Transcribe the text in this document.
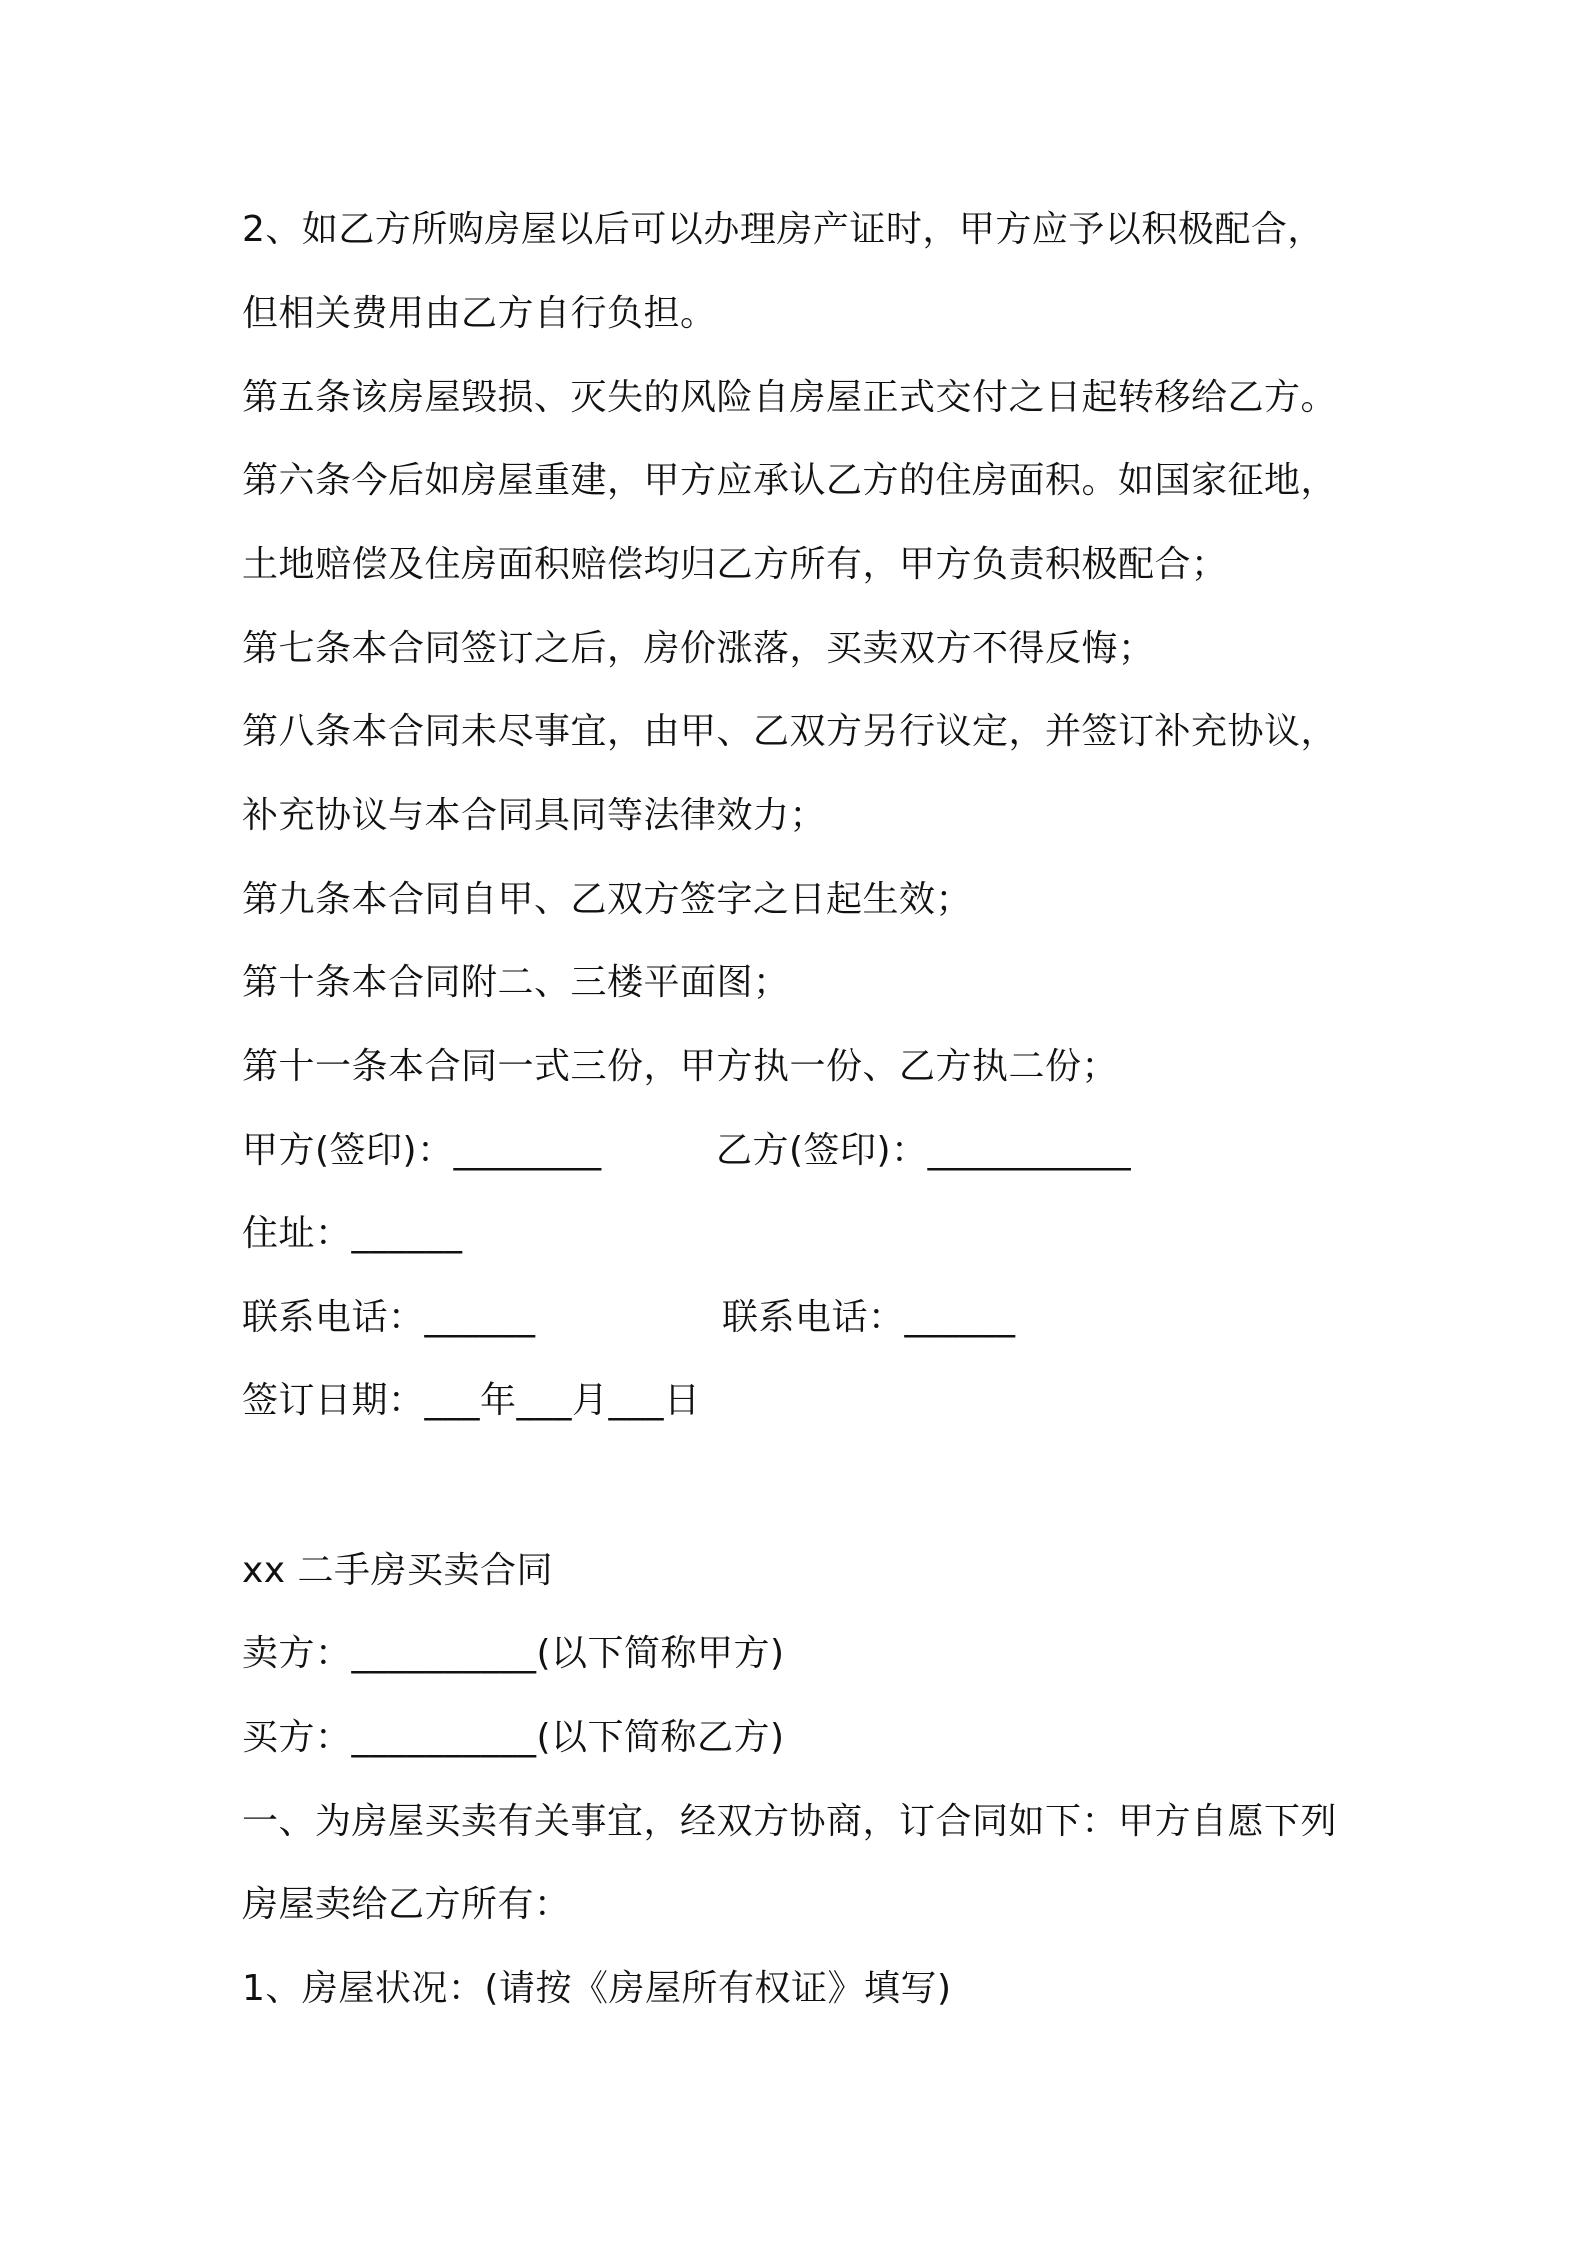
2、如乙方所购房屋以后可以办理房产证时，甲方应予以积极配合，
但相关费用由乙方自行负担。
第五条该房屋毁损、灭失的风险自房屋正式交付之日起转移给乙方。
第六条今后如房屋重建，甲方应承认乙方的住房面积。如国家征地，
土地赔偿及住房面积赔偿均归乙方所有，甲方负责积极配合；
第七条本合同签订之后，房价涨落，买卖双方不得反悔；
第八条本合同未尽事宜，由甲、乙双方另行议定，并签订补充协议，
补充协议与本合同具同等法律效力；
第九条本合同自甲、乙双方签字之日起生效；
第十条本合同附二、三楼平面图；
第十一条本合同一式三份，甲方执一份、乙方执二份；
甲方(签印)：________	乙方(签印)：___________
住址：______
联系电话：______	联系电话：______
签订日期：___年___月___日
xx 二手房买卖合同
卖方：__________(以下简称甲方)
买方：__________(以下简称乙方)
一、为房屋买卖有关事宜，经双方协商，订合同如下：甲方自愿下列
房屋卖给乙方所有：
1、房屋状况：(请按《房屋所有权证》填写)
